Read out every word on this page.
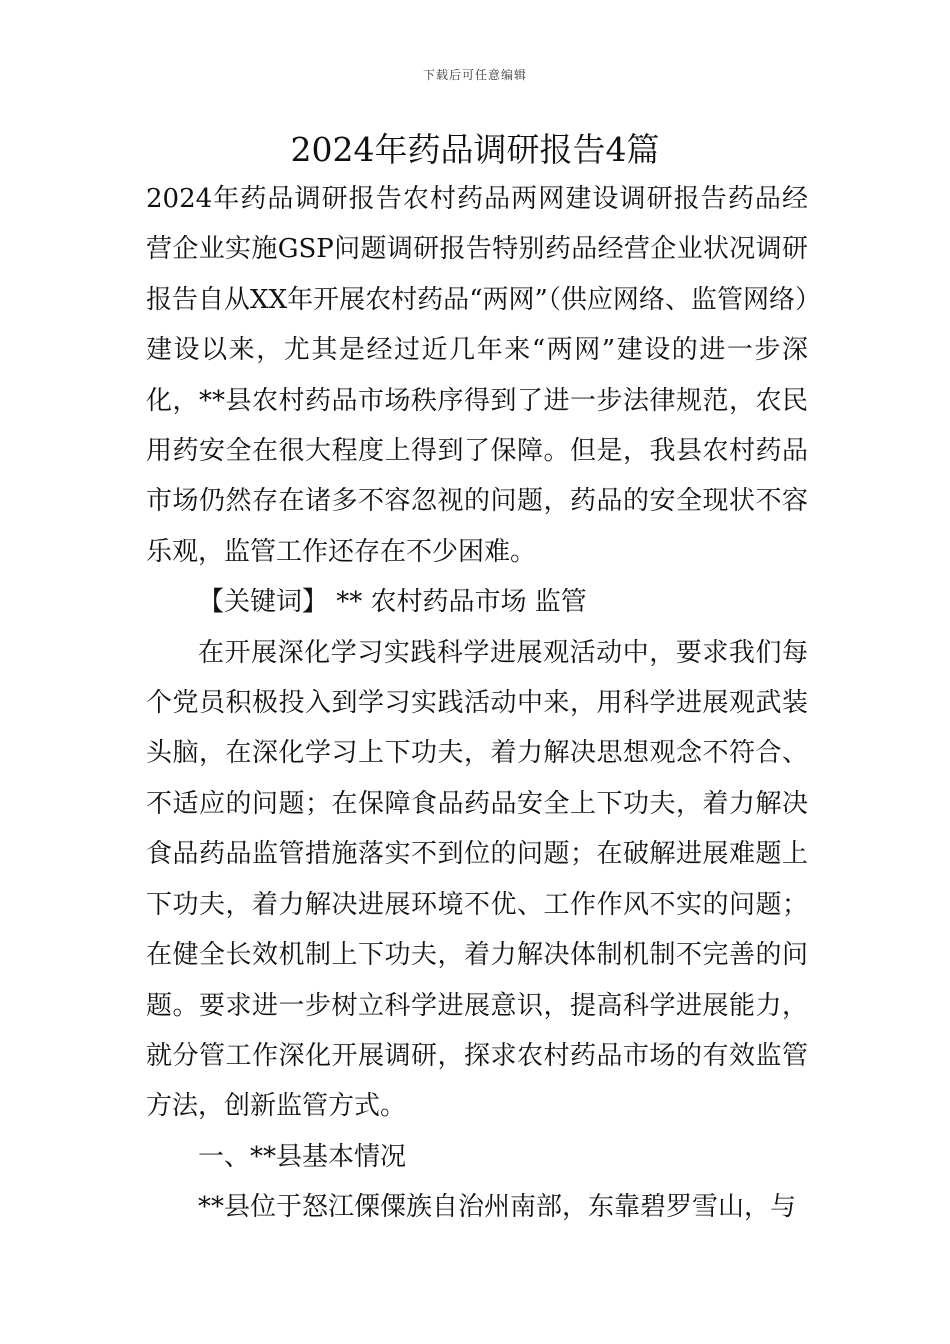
下载后可任意编辑
2024年药品调研报告4篇

2024年药品调研报告农村药品两网建设调研报告药品经营企业实施GSP问题调研报告特别药品经营企业状况调研报告自从XX年开展农村药品“两网”（供应网络、监管网络）建设以来，尤其是经过近几年来“两网”建设的进一步深化，**县农村药品市场秩序得到了进一步法律规范，农民用药安全在很大程度上得到了保障。但是，我县农村药品市场仍然存在诸多不容忽视的问题，药品的安全现状不容乐观，监管工作还存在不少困难。

【关键词】 ** 农村药品市场 监管

在开展深化学习实践科学进展观活动中，要求我们每个党员积极投入到学习实践活动中来，用科学进展观武装头脑，在深化学习上下功夫，着力解决思想观念不符合、不适应的问题；在保障食品药品安全上下功夫，着力解决食品药品监管措施落实不到位的问题；在破解进展难题上下功夫，着力解决进展环境不优、工作作风不实的问题；在健全长效机制上下功夫，着力解决体制机制不完善的问题。要求进一步树立科学进展意识，提高科学进展能力，就分管工作深化开展调研，探求农村药品市场的有效监管方法，创新监管方式。

一、**县基本情况

**县位于怒江傈僳族自治州南部，东靠碧罗雪山，与
